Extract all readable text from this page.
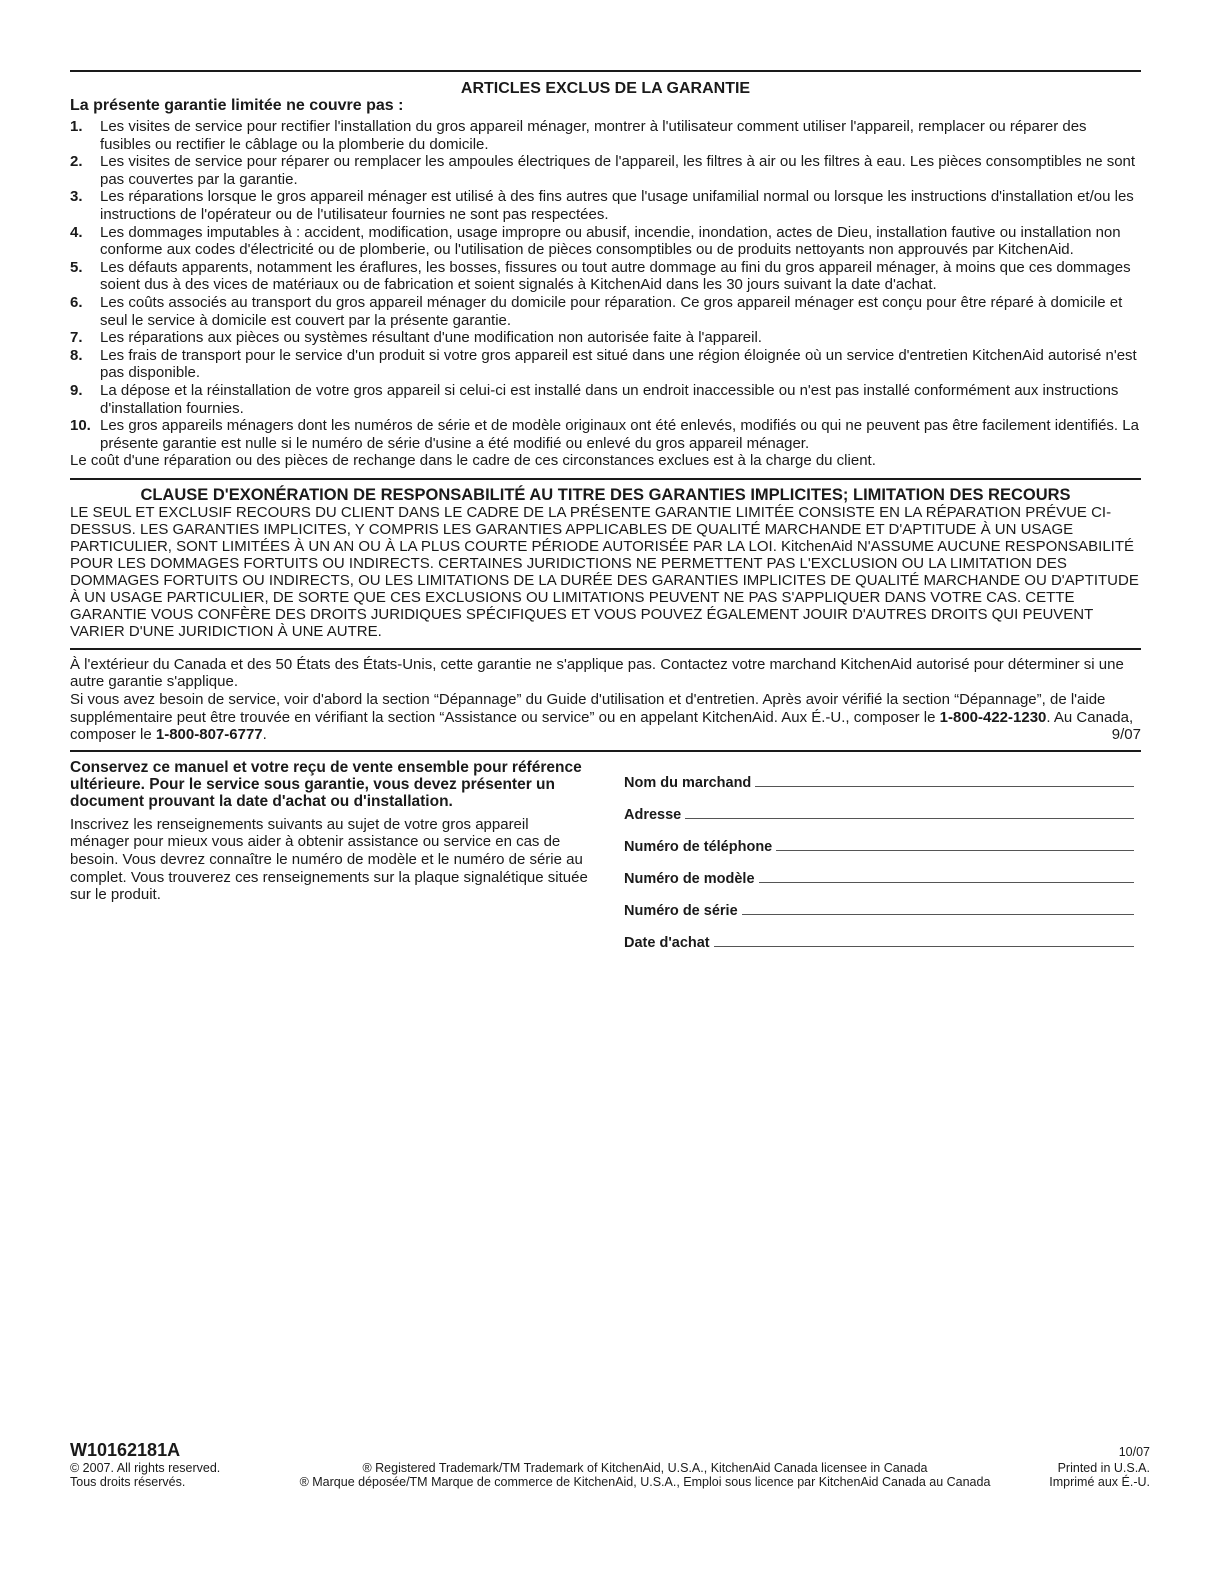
ARTICLES EXCLUS DE LA GARANTIE
La présente garantie limitée ne couvre pas :
1. Les visites de service pour rectifier l'installation du gros appareil ménager, montrer à l'utilisateur comment utiliser l'appareil, remplacer ou réparer des fusibles ou rectifier le câblage ou la plomberie du domicile.
2. Les visites de service pour réparer ou remplacer les ampoules électriques de l'appareil, les filtres à air ou les filtres à eau. Les pièces consomptibles ne sont pas couvertes par la garantie.
3. Les réparations lorsque le gros appareil ménager est utilisé à des fins autres que l'usage unifamilial normal ou lorsque les instructions d'installation et/ou les instructions de l'opérateur ou de l'utilisateur fournies ne sont pas respectées.
4. Les dommages imputables à : accident, modification, usage impropre ou abusif, incendie, inondation, actes de Dieu, installation fautive ou installation non conforme aux codes d'électricité ou de plomberie, ou l'utilisation de pièces consomptibles ou de produits nettoyants non approuvés par KitchenAid.
5. Les défauts apparents, notamment les éraflures, les bosses, fissures ou tout autre dommage au fini du gros appareil ménager, à moins que ces dommages soient dus à des vices de matériaux ou de fabrication et soient signalés à KitchenAid dans les 30 jours suivant la date d'achat.
6. Les coûts associés au transport du gros appareil ménager du domicile pour réparation. Ce gros appareil ménager est conçu pour être réparé à domicile et seul le service à domicile est couvert par la présente garantie.
7. Les réparations aux pièces ou systèmes résultant d'une modification non autorisée faite à l'appareil.
8. Les frais de transport pour le service d'un produit si votre gros appareil est situé dans une région éloignée où un service d'entretien KitchenAid autorisé n'est pas disponible.
9. La dépose et la réinstallation de votre gros appareil si celui-ci est installé dans un endroit inaccessible ou n'est pas installé conformément aux instructions d'installation fournies.
10. Les gros appareils ménagers dont les numéros de série et de modèle originaux ont été enlevés, modifiés ou qui ne peuvent pas être facilement identifiés. La présente garantie est nulle si le numéro de série d'usine a été modifié ou enlevé du gros appareil ménager.
Le coût d'une réparation ou des pièces de rechange dans le cadre de ces circonstances exclues est à la charge du client.
CLAUSE D'EXONÉRATION DE RESPONSABILITÉ AU TITRE DES GARANTIES IMPLICITES; LIMITATION DES RECOURS
LE SEUL ET EXCLUSIF RECOURS DU CLIENT DANS LE CADRE DE LA PRÉSENTE GARANTIE LIMITÉE CONSISTE EN LA RÉPARATION PRÉVUE CI-DESSUS. LES GARANTIES IMPLICITES, Y COMPRIS LES GARANTIES APPLICABLES DE QUALITÉ MARCHANDE ET D'APTITUDE À UN USAGE PARTICULIER, SONT LIMITÉES À UN AN OU À LA PLUS COURTE PÉRIODE AUTORISÉE PAR LA LOI. KitchenAid N'ASSUME AUCUNE RESPONSABILITÉ POUR LES DOMMAGES FORTUITS OU INDIRECTS. CERTAINES JURIDICTIONS NE PERMETTENT PAS L'EXCLUSION OU LA LIMITATION DES DOMMAGES FORTUITS OU INDIRECTS, OU LES LIMITATIONS DE LA DURÉE DES GARANTIES IMPLICITES DE QUALITÉ MARCHANDE OU D'APTITUDE À UN USAGE PARTICULIER, DE SORTE QUE CES EXCLUSIONS OU LIMITATIONS PEUVENT NE PAS S'APPLIQUER DANS VOTRE CAS. CETTE GARANTIE VOUS CONFÈRE DES DROITS JURIDIQUES SPÉCIFIQUES ET VOUS POUVEZ ÉGALEMENT JOUIR D'AUTRES DROITS QUI PEUVENT VARIER D'UNE JURIDICTION À UNE AUTRE.
À l'extérieur du Canada et des 50 États des États-Unis, cette garantie ne s'applique pas. Contactez votre marchand KitchenAid autorisé pour déterminer si une autre garantie s'applique.
Si vous avez besoin de service, voir d'abord la section “Dépannage” du Guide d'utilisation et d'entretien. Après avoir vérifié la section “Dépannage”, de l'aide supplémentaire peut être trouvée en vérifiant la section “Assistance ou service” ou en appelant KitchenAid. Aux É.-U., composer le 1-800-422-1230. Au Canada, composer le 1-800-807-6777.	9/07
Conservez ce manuel et votre reçu de vente ensemble pour référence ultérieure. Pour le service sous garantie, vous devez présenter un document prouvant la date d'achat ou d'installation.
Inscrivez les renseignements suivants au sujet de votre gros appareil ménager pour mieux vous aider à obtenir assistance ou service en cas de besoin. Vous devrez connaître le numéro de modèle et le numéro de série au complet. Vous trouverez ces renseignements sur la plaque signalétique située sur le produit.
Nom du marchand
Adresse
Numéro de téléphone
Numéro de modèle
Numéro de série
Date d'achat
W10162181A	10/07
© 2007. All rights reserved.	® Registered Trademark/TM Trademark of KitchenAid, U.S.A., KitchenAid Canada licensee in Canada	Printed in U.S.A.
Tous droits réservés.	® Marque déposée/TM Marque de commerce de KitchenAid, U.S.A., Emploi sous licence par KitchenAid Canada au Canada	Imprimé aux É.-U.
